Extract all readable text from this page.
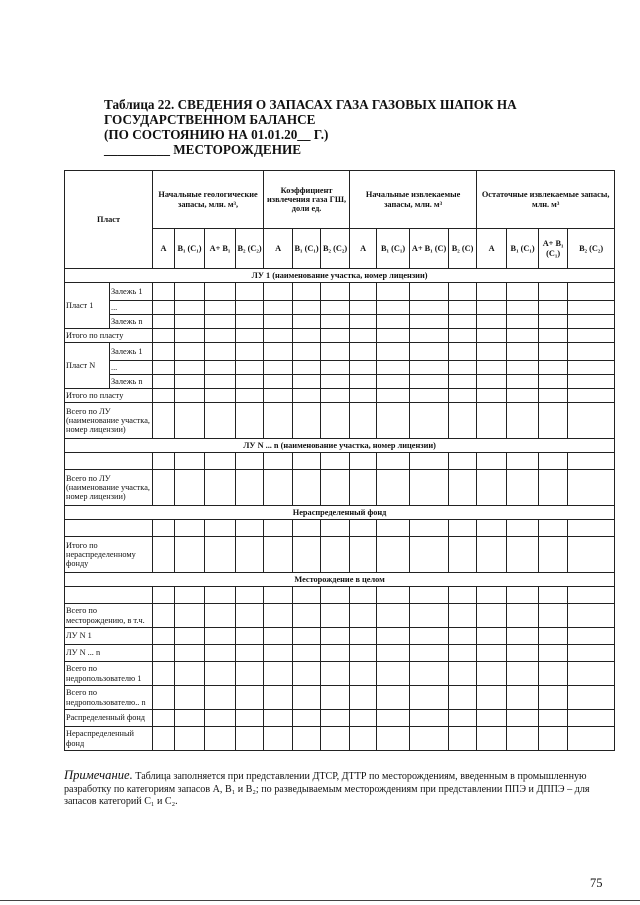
Таблица 22. СВЕДЕНИЯ О ЗАПАСАХ ГАЗА ГАЗОВЫХ ШАПОК НА
ГОСУДАРСТВЕННОМ БАЛАНСЕ
(ПО СОСТОЯНИЮ НА 01.01.20__ Г.)
__________ МЕСТОРОЖДЕНИЕ
Пласт		Начальные геологические запасы, млн. м³,				Коэффициент извлечения газа ГШ, доли ед.			Начальные извлекаемые запасы, млн. м³				Остаточные извлекаемые запасы, млн. м³			
		А	B₁ (C₁)	А+ B₁	B₂ (C₂)	А	B₁ (C₁)	B₂ (C₂)	А	B₁ (C₁)	А+ B₁ (C)	B₂ (C)	А	B₁ (C₁)	А+ B₁ (C₁)	B₂ (C₂)
ЛУ 1 (наименование участка, номер лицензии)																
Пласт 1	Залежь 1															
	...															
	Залежь n															
Итого по пласту																
Пласт N	Залежь 1															
	...															
	Залежь n															
Итого по пласту																
Всего по ЛУ (наименование участка, номер лицензии)																
ЛУ N ... n (наименование участка, номер лицензии)																

Всего по ЛУ (наименование участка, номер лицензии)																
Нераспределенный фонд																

Итого по нераспределенному фонду																
Месторождение в целом																

Всего по месторождению, в т.ч.																
ЛУ N 1																
ЛУ N ... n																
Всего по недропользователю 1																
Всего по недропользователю.. n																
Распределенный фонд																
Нераспределенный фонд																
Примечание. Таблица заполняется при представлении ДТСР, ДТТР по месторождениям, введенным в промышленную разработку по категориям запасов А, B₁ и B₂; по разведываемым месторождениям при представлении ППЭ и ДППЭ – для запасов категорий C₁ и C₂.
75
